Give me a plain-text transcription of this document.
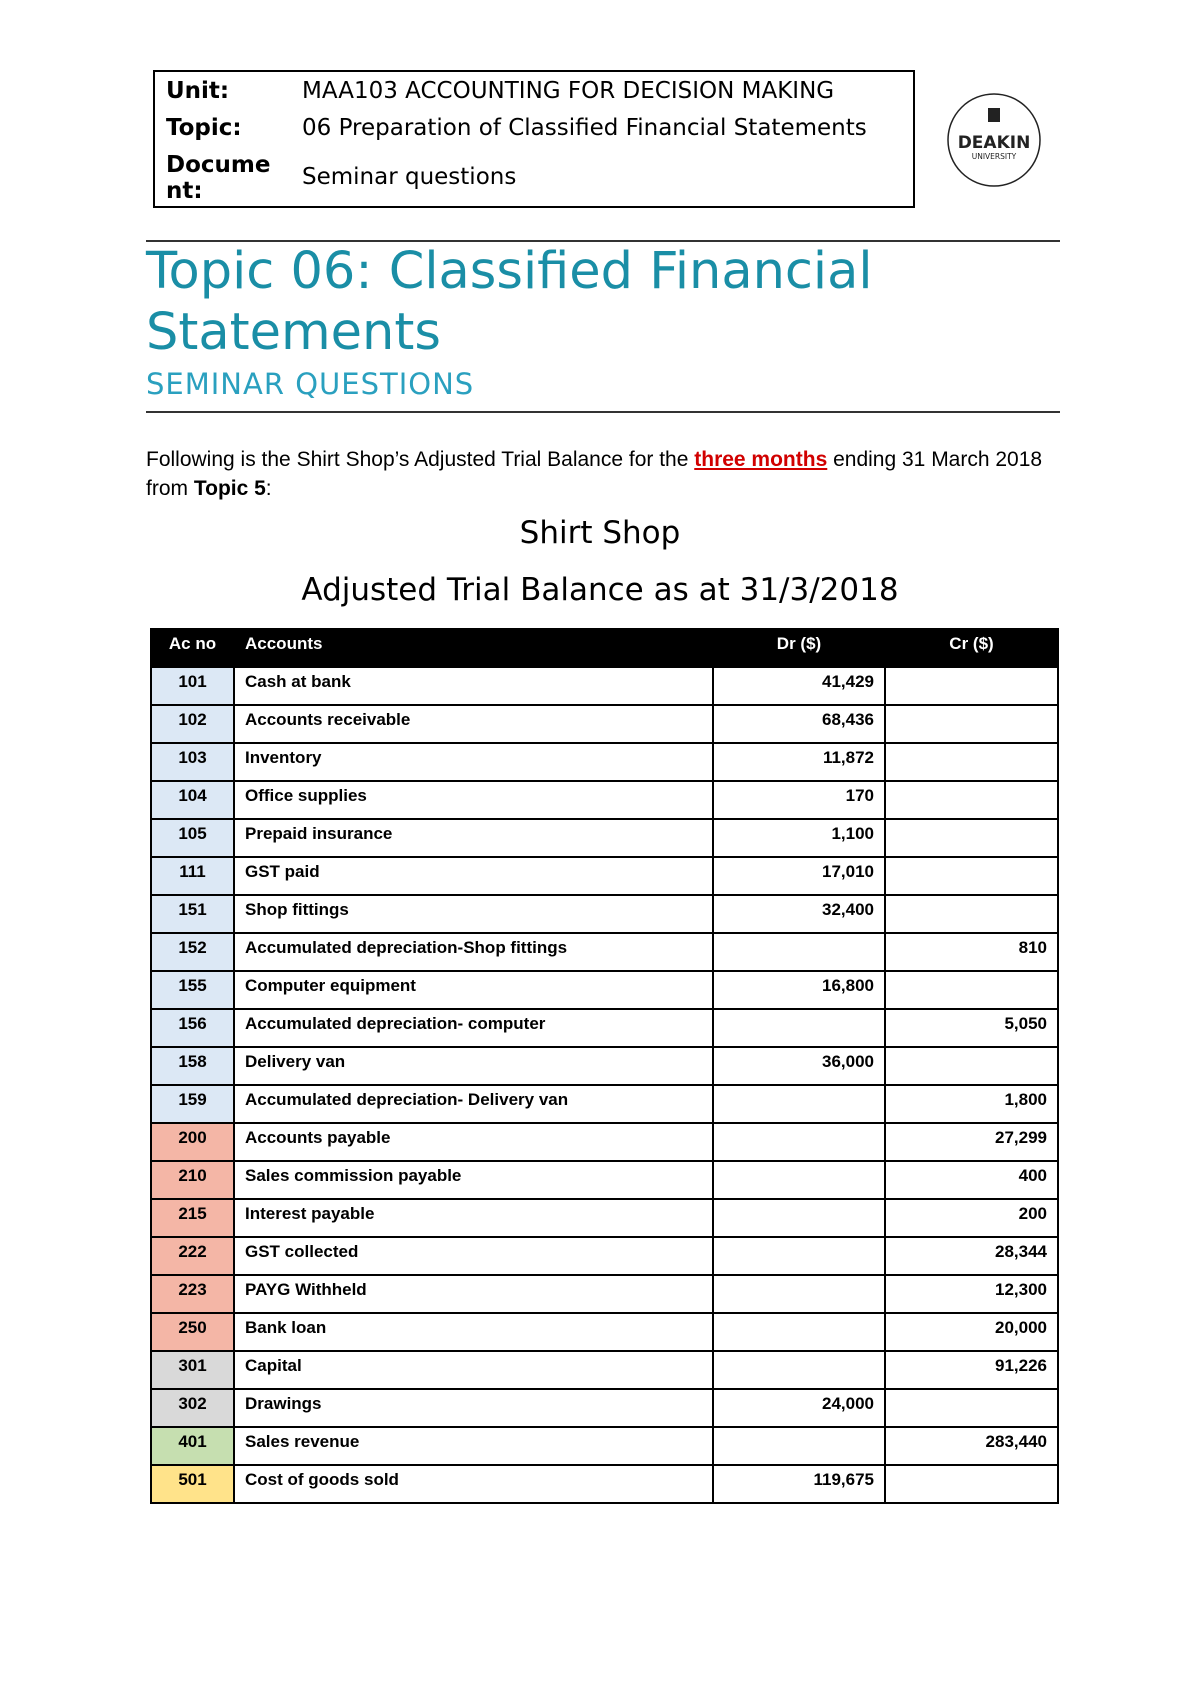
Unit:	MAA103 ACCOUNTING FOR DECISION MAKING
Topic:	06 Preparation of Classified Financial Statements
Docume
nt:
Seminar questions
DEAKIN
UNIVERSITY
Topic 06: Classified Financial
Statements
SEMINAR QUESTIONS
Following is the Shirt Shop’s Adjusted Trial Balance for the three months ending 31 March 2018 from Topic 5:
Shirt Shop
Adjusted Trial Balance as at 31/3/2018
Ac no	Accounts	Dr ($)	Cr ($)
101	Cash at bank	41,429	
102	Accounts receivable	68,436	
103	Inventory	11,872	
104	Office supplies	170	
105	Prepaid insurance	1,100	
111	GST paid	17,010	
151	Shop fittings	32,400	
152	Accumulated depreciation-Shop fittings		810
155	Computer equipment	16,800	
156	Accumulated depreciation- computer		5,050
158	Delivery van	36,000	
159	Accumulated depreciation- Delivery van		1,800
200	Accounts payable		27,299
210	Sales commission payable		400
215	Interest payable		200
222	GST collected		28,344
223	PAYG Withheld		12,300
250	Bank loan		20,000
301	Capital		91,226
302	Drawings	24,000	
401	Sales revenue		283,440
501	Cost of goods sold	119,675	
